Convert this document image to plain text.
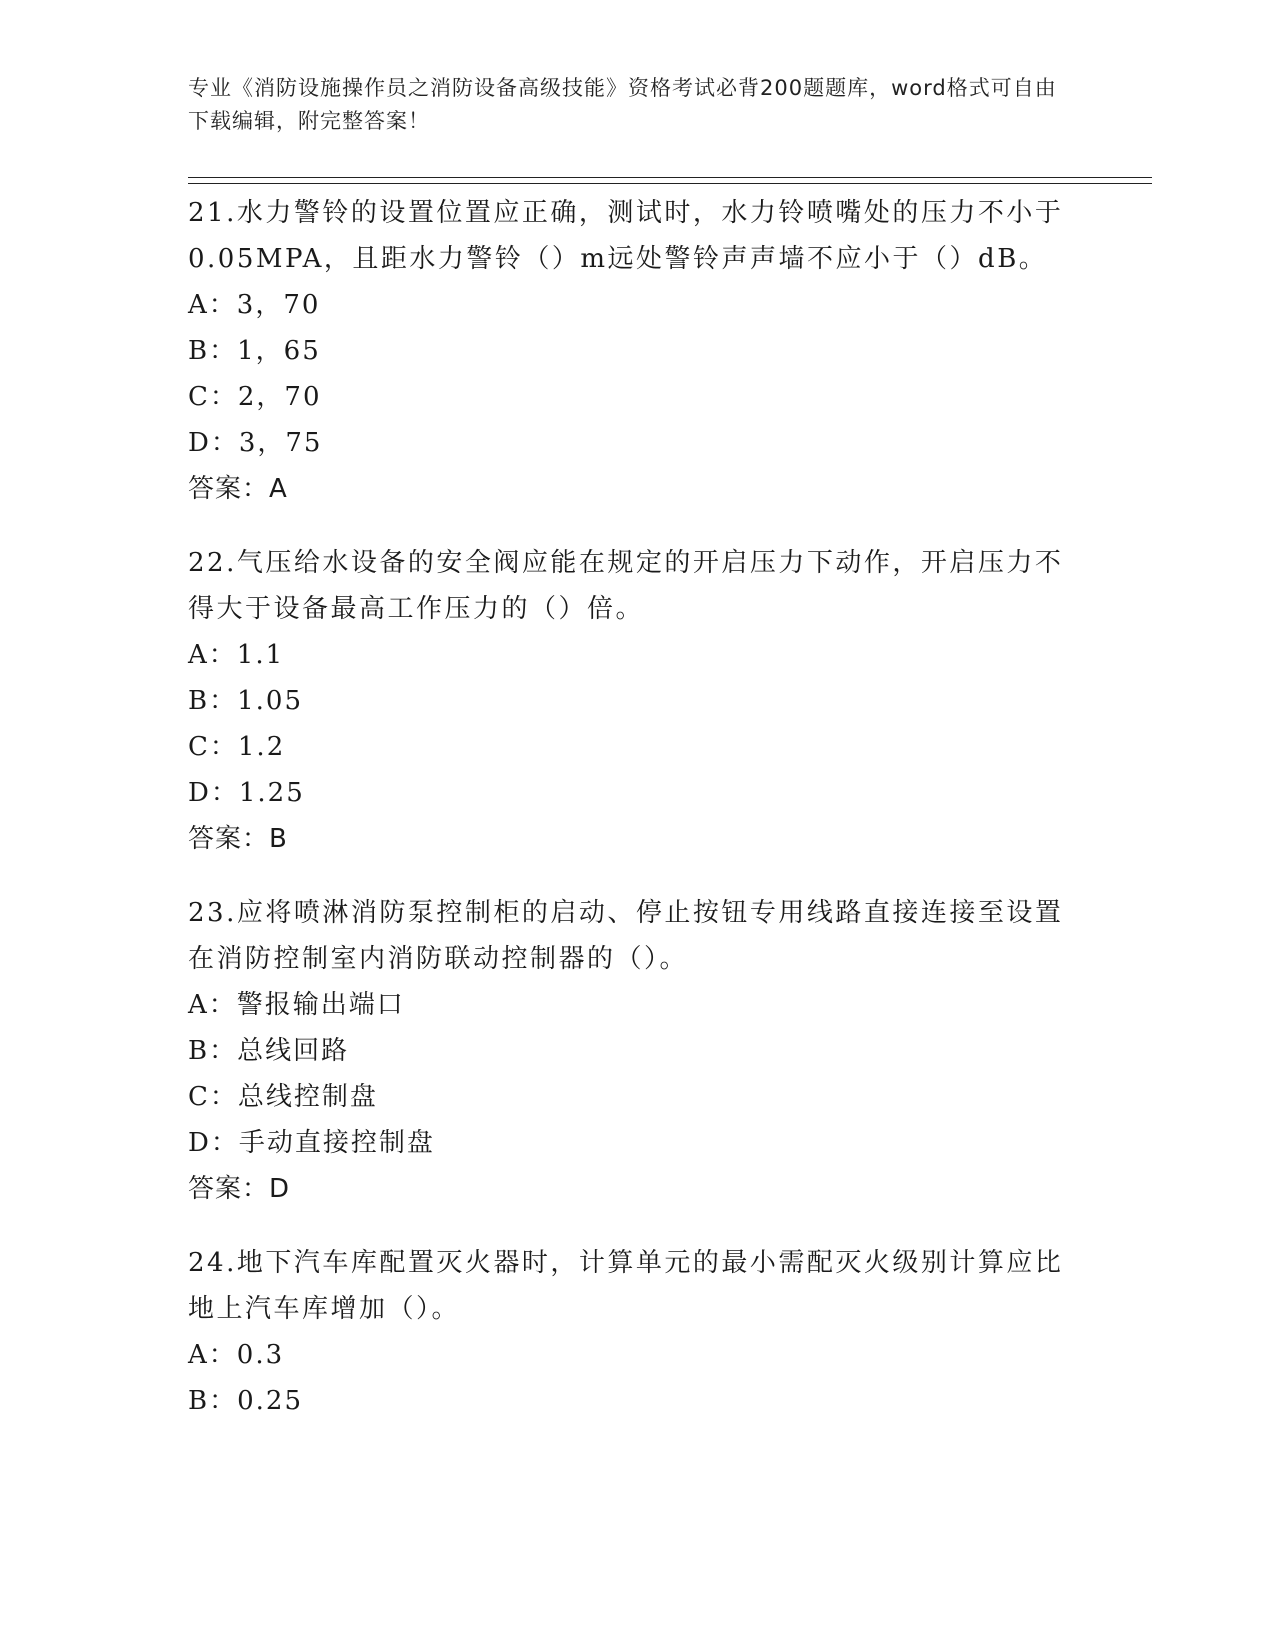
专业《消防设施操作员之消防设备高级技能》资格考试必背200题题库，word格式可自由下载编辑，附完整答案！

21.水力警铃的设置位置应正确，测试时，水力铃喷嘴处的压力不小于0.05MPA，且距水力警铃（）m远处警铃声声墙不应小于（）dB。

A：3，70

B：1，65

C：2，70

D：3，75

答案：A

22.气压给水设备的安全阀应能在规定的开启压力下动作，开启压力不得大于设备最高工作压力的（）倍。

A：1.1

B：1.05

C：1.2

D：1.25

答案：B

23.应将喷淋消防泵控制柜的启动、停止按钮专用线路直接连接至设置在消防控制室内消防联动控制器的（）。

A：警报输出端口

B：总线回路

C：总线控制盘

D：手动直接控制盘

答案：D

24.地下汽车库配置灭火器时，计算单元的最小需配灭火级别计算应比地上汽车库增加（）。

A：0.3

B：0.25
